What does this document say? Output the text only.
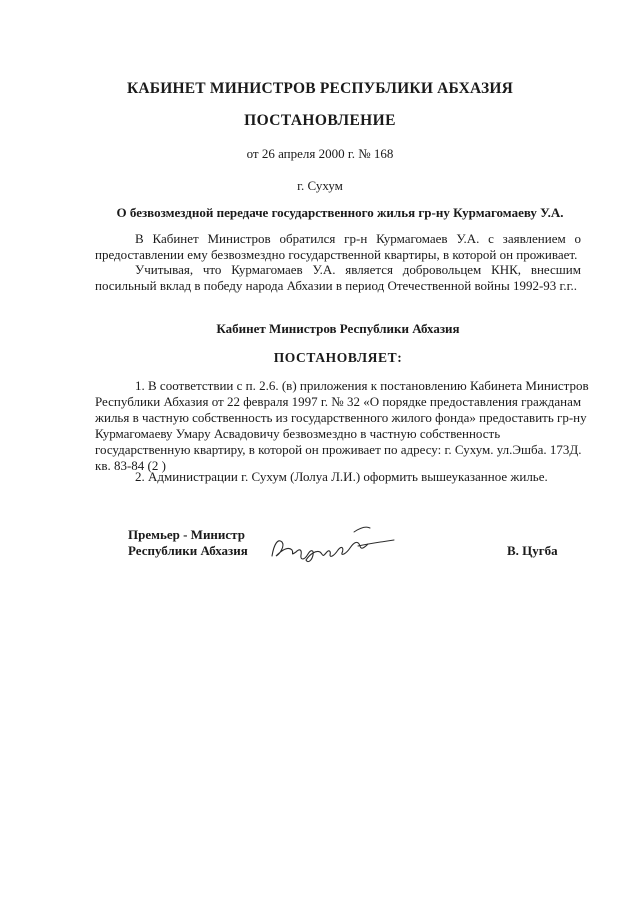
КАБИНЕТ МИНИСТРОВ РЕСПУБЛИКИ АБХАЗИЯ
ПОСТАНОВЛЕНИЕ
от 26 апреля 2000 г. № 168
г. Сухум
О безвозмездной передаче государственного жилья гр-ну Курмагомаеву У.А.
В Кабинет Министров обратился гр-н Курмагомаев У.А. с заявлением о
предоставлении ему безвозмездно государственной квартиры, в которой он проживает.
Учитывая, что Курмагомаев У.А. является добровольцем КНК, внесшим
посильный вклад в победу народа Абхазии в период Отечественной войны 1992-93 г.г..
Кабинет Министров Республики Абхазия
ПОСТАНОВЛЯЕТ:
1. В соответствии с п. 2.6. (в) приложения к постановлению Кабинета Министров
Республики Абхазия от 22 февраля 1997 г. № 32 «О порядке предоставления гражданам
жилья в частную собственность из государственного жилого фонда» предоставить гр-ну
Курмагомаеву Умару Асвадовичу безвозмездно в частную собственность
государственную квартиру, в которой он проживает по адресу: г. Сухум. ул.Эшба. 173Д.
кв. 83-84 (2 )
2. Администрации г. Сухум (Лолуа Л.И.) оформить вышеуказанное жилье.
Премьер - Министр
Республики Абхазия	В. Цугба
